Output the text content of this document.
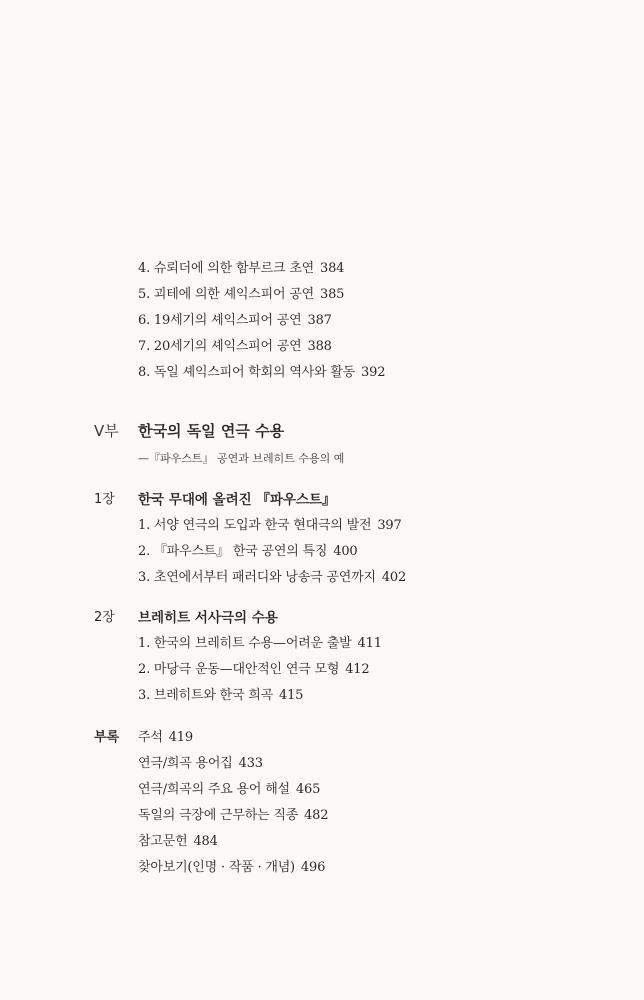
4. 슈뢰더에 의한 함부르크 초연 384
5. 괴테에 의한 셰익스피어 공연 385
6. 19세기의 셰익스피어 공연 387
7. 20세기의 셰익스피어 공연 388
8. 독일 셰익스피어 학회의 역사와 활동 392
V부 한국의 독일 연극 수용
—『파우스트』 공연과 브레히트 수용의 예
1장 한국 무대에 올려진 『파우스트』
1. 서양 연극의 도입과 한국 현대극의 발전 397
2. 『파우스트』 한국 공연의 특징 400
3. 초연에서부터 패러디와 낭송극 공연까지 402
2장 브레히트 서사극의 수용
1. 한국의 브레히트 수용—어려운 출발 411
2. 마당극 운동—대안적인 연극 모형 412
3. 브레히트와 한국 희곡 415
부록 주석 419
연극/희곡 용어집 433
연극/희곡의 주요 용어 해설 465
독일의 극장에 근무하는 직종 482
참고문헌 484
찾아보기(인명 · 작품 · 개념) 496
